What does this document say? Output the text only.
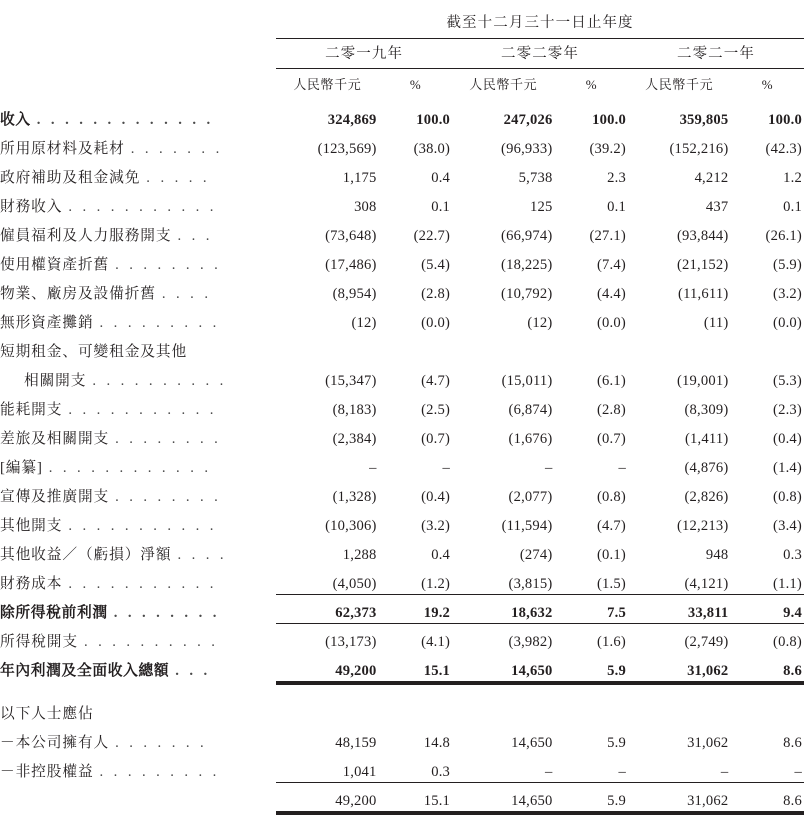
	截至十二月三十一日止年度					
	二零一九年		二零二零年		二零二一年	
	人民幣千元	%	人民幣千元	%	人民幣千元	%
收入 . . . . . . . . . . . . .	324,869	100.0	247,026	100.0	359,805	100.0
所用原材料及耗材 . . . . . . .	(123,569)	(38.0)	(96,933)	(39.2)	(152,216)	(42.3)
政府補助及租金減免 . . . . .	1,175	0.4	5,738	2.3	4,212	1.2
財務收入 . . . . . . . . . . .	308	0.1	125	0.1	437	0.1
僱員福利及人力服務開支 . . .	(73,648)	(22.7)	(66,974)	(27.1)	(93,844)	(26.1)
使用權資產折舊 . . . . . . . .	(17,486)	(5.4)	(18,225)	(7.4)	(21,152)	(5.9)
物業、廠房及設備折舊 . . . .	(8,954)	(2.8)	(10,792)	(4.4)	(11,611)	(3.2)
無形資產攤銷 . . . . . . . . .	(12)	(0.0)	(12)	(0.0)	(11)	(0.0)
短期租金、可變租金及其他						
相關開支 . . . . . . . . . .	(15,347)	(4.7)	(15,011)	(6.1)	(19,001)	(5.3)
能耗開支 . . . . . . . . . . .	(8,183)	(2.5)	(6,874)	(2.8)	(8,309)	(2.3)
差旅及相關開支 . . . . . . . .	(2,384)	(0.7)	(1,676)	(0.7)	(1,411)	(0.4)
[編纂] . . . . . . . . . . . .	–	–	–	–	(4,876)	(1.4)
宣傳及推廣開支 . . . . . . . .	(1,328)	(0.4)	(2,077)	(0.8)	(2,826)	(0.8)
其他開支 . . . . . . . . . . .	(10,306)	(3.2)	(11,594)	(4.7)	(12,213)	(3.4)
其他收益／（虧損）淨額 . . . .	1,288	0.4	(274)	(0.1)	948	0.3
財務成本 . . . . . . . . . . .	(4,050)	(1.2)	(3,815)	(1.5)	(4,121)	(1.1)
除所得稅前利潤 . . . . . . . .	62,373	19.2	18,632	7.5	33,811	9.4
所得稅開支 . . . . . . . . . .	(13,173)	(4.1)	(3,982)	(1.6)	(2,749)	(0.8)
年內利潤及全面收入總額 . . .	49,200	15.1	14,650	5.9	31,062	8.6

以下人士應佔						
－本公司擁有人 . . . . . . .	48,159	14.8	14,650	5.9	31,062	8.6
－非控股權益 . . . . . . . . .	1,041	0.3	–	–	–	–
	49,200	15.1	14,650	5.9	31,062	8.6
